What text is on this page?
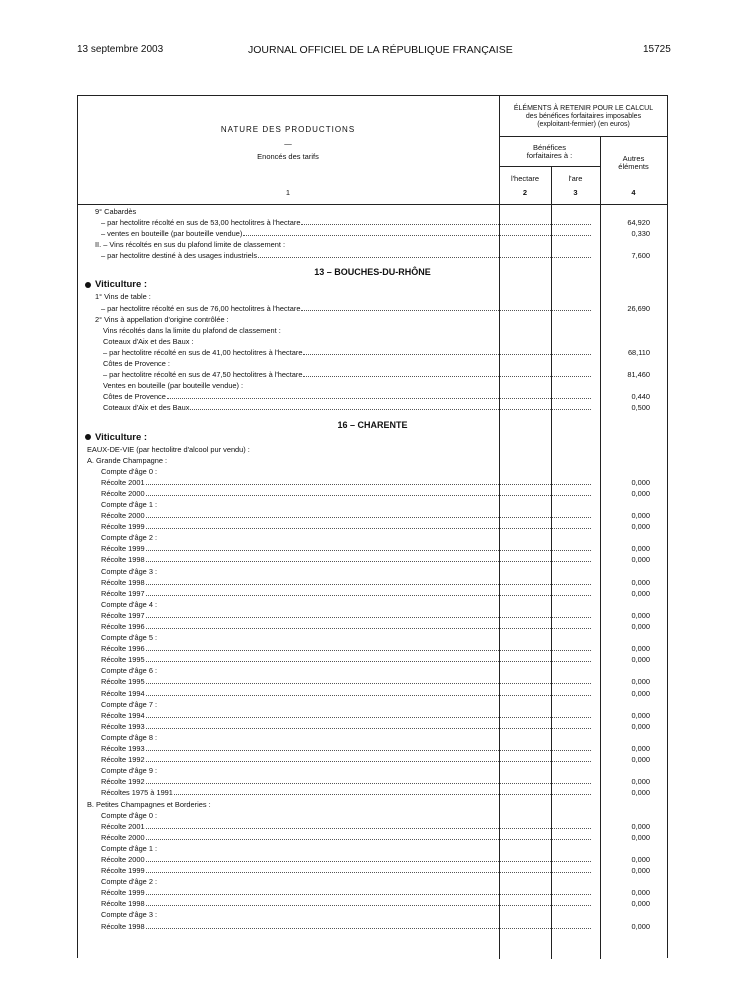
13 septembre 2003	JOURNAL OFFICIEL DE LA RÉPUBLIQUE FRANÇAISE	15725
NATURE DES PRODUCTIONS
—
Enoncés des tarifs
1
ÉLÉMENTS À RETENIR POUR LE CALCUL
des bénéfices forfaitaires imposables
(exploitant-fermier) (en euros)
Bénéfices
forfaitaires à :	Autres
éléments
l'hectare	l'are
2	3	4
9° Cabardès
– par hectolitre récolté en sus de 53,00 hectolitres à l'hectare	64,920
– ventes en bouteille (par bouteille vendue)	0,330
II. – Vins récoltés en sus du plafond limite de classement :
– par hectolitre destiné à des usages industriels	7,600
13 – BOUCHES-DU-RHÔNE
Viticulture :
1° Vins de table :
– par hectolitre récolté en sus de 76,00 hectolitres à l'hectare	26,690
2° Vins à appellation d'origine contrôlée :
Vins récoltés dans la limite du plafond de classement :
Coteaux d'Aix et des Baux :
– par hectolitre récolté en sus de 41,00 hectolitres à l'hectare	68,110
Côtes de Provence :
– par hectolitre récolté en sus de 47,50 hectolitres à l'hectare	81,460
Ventes en bouteille (par bouteille vendue) :
Côtes de Provence	0,440
Coteaux d'Aix et des Baux	0,500
16 – CHARENTE
Viticulture :
EAUX-DE-VIE (par hectolitre d'alcool pur vendu) :
A. Grande Champagne :
Compte d'âge 0 :
Récolte 2001	0,000
Récolte 2000	0,000
Compte d'âge 1 :
Récolte 2000	0,000
Récolte 1999	0,000
Compte d'âge 2 :
Récolte 1999	0,000
Récolte 1998	0,000
Compte d'âge 3 :
Récolte 1998	0,000
Récolte 1997	0,000
Compte d'âge 4 :
Récolte 1997	0,000
Récolte 1996	0,000
Compte d'âge 5 :
Récolte 1996	0,000
Récolte 1995	0,000
Compte d'âge 6 :
Récolte 1995	0,000
Récolte 1994	0,000
Compte d'âge 7 :
Récolte 1994	0,000
Récolte 1993	0,000
Compte d'âge 8 :
Récolte 1993	0,000
Récolte 1992	0,000
Compte d'âge 9 :
Récolte 1992	0,000
Récoltes 1975 à 1991	0,000
B. Petites Champagnes et Borderies :
Compte d'âge 0 :
Récolte 2001	0,000
Récolte 2000	0,000
Compte d'âge 1 :
Récolte 2000	0,000
Récolte 1999	0,000
Compte d'âge 2 :
Récolte 1999	0,000
Récolte 1998	0,000
Compte d'âge 3 :
Récolte 1998	0,000
